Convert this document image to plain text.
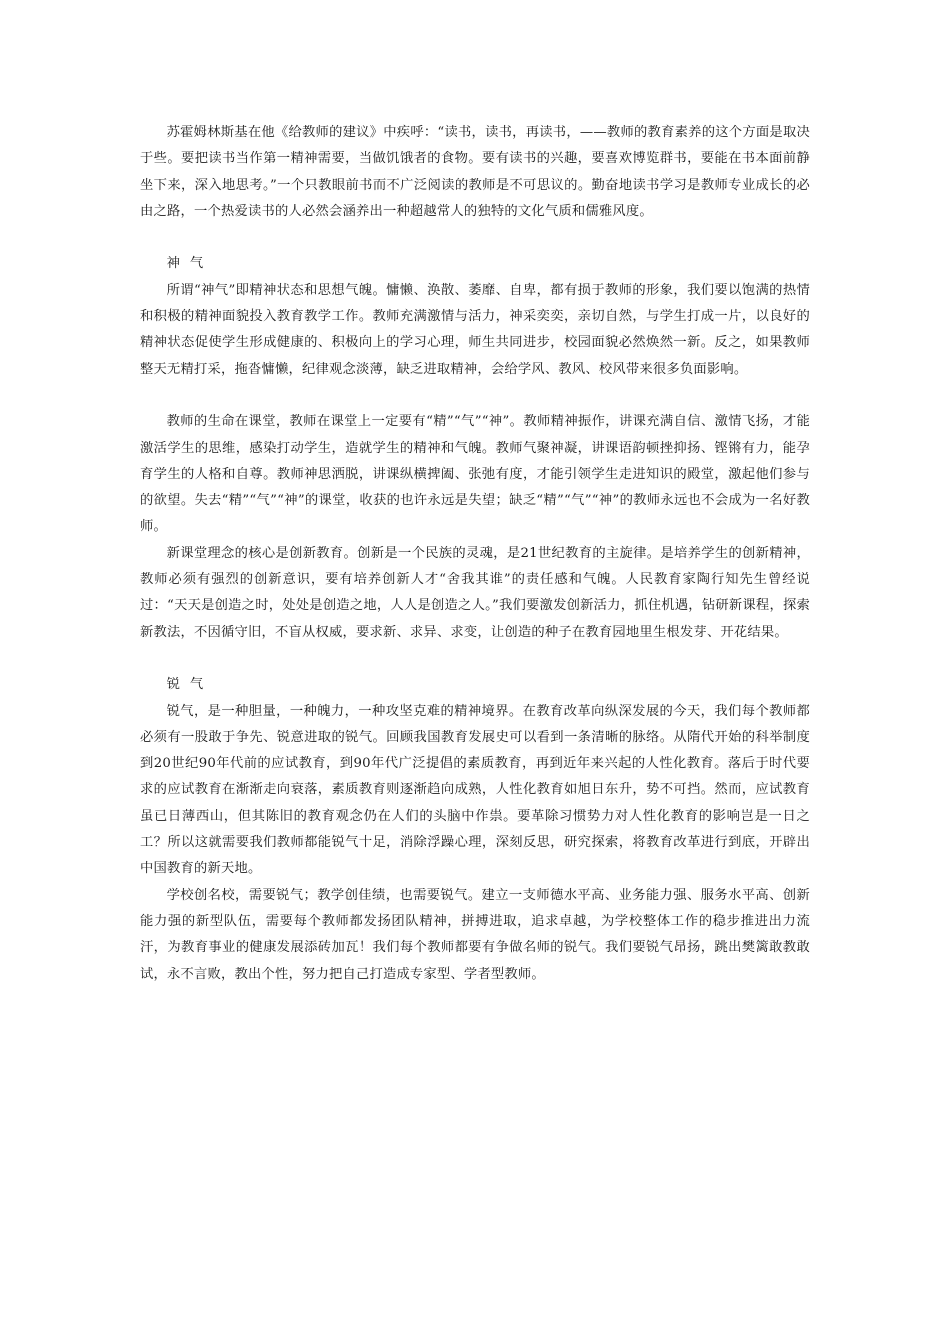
苏霍姆林斯基在他《给教师的建议》中疾呼：“读书，读书，再读书，——教师的教育素养的这个方面是取决于些。要把读书当作第一精神需要，当做饥饿者的食物。要有读书的兴趣，要喜欢博览群书，要能在书本面前静坐下来，深入地思考。”一个只教眼前书而不广泛阅读的教师是不可思议的。勤奋地读书学习是教师专业成长的必由之路，一个热爱读书的人必然会涵养出一种超越常人的独特的文化气质和儒雅风度。

神气

所谓“神气”即精神状态和思想气魄。慵懒、涣散、萎靡、自卑，都有损于教师的形象，我们要以饱满的热情和积极的精神面貌投入教育教学工作。教师充满激情与活力，神采奕奕，亲切自然，与学生打成一片，以良好的精神状态促使学生形成健康的、积极向上的学习心理，师生共同进步，校园面貌必然焕然一新。反之，如果教师整天无精打采，拖沓慵懒，纪律观念淡薄，缺乏进取精神，会给学风、教风、校风带来很多负面影响。

教师的生命在课堂，教师在课堂上一定要有“精”“气”“神”。教师精神振作，讲课充满自信、激情飞扬，才能激活学生的思维，感染打动学生，造就学生的精神和气魄。教师气聚神凝，讲课语韵顿挫抑扬、铿锵有力，能孕育学生的人格和自尊。教师神思洒脱，讲课纵横捭阖、张弛有度，才能引领学生走进知识的殿堂，激起他们参与的欲望。失去“精”“气”“神”的课堂，收获的也许永远是失望；缺乏“精”“气”“神”的教师永远也不会成为一名好教师。

新课堂理念的核心是创新教育。创新是一个民族的灵魂，是21世纪教育的主旋律。是培养学生的创新精神，教师必须有强烈的创新意识，要有培养创新人才“舍我其谁”的责任感和气魄。人民教育家陶行知先生曾经说过：“天天是创造之时，处处是创造之地，人人是创造之人。”我们要激发创新活力，抓住机遇，钻研新课程，探索新教法，不因循守旧，不盲从权威，要求新、求异、求变，让创造的种子在教育园地里生根发芽、开花结果。

锐气

锐气，是一种胆量，一种魄力，一种攻坚克难的精神境界。在教育改革向纵深发展的今天，我们每个教师都必须有一股敢于争先、锐意进取的锐气。回顾我国教育发展史可以看到一条清晰的脉络。从隋代开始的科举制度到20世纪90年代前的应试教育，到90年代广泛提倡的素质教育，再到近年来兴起的人性化教育。落后于时代要求的应试教育在渐渐走向衰落，素质教育则逐渐趋向成熟，人性化教育如旭日东升，势不可挡。然而，应试教育虽已日薄西山，但其陈旧的教育观念仍在人们的头脑中作祟。要革除习惯势力对人性化教育的影响岂是一日之工？所以这就需要我们教师都能锐气十足，消除浮躁心理，深刻反思，研究探索，将教育改革进行到底，开辟出中国教育的新天地。

学校创名校，需要锐气；教学创佳绩，也需要锐气。建立一支师德水平高、业务能力强、服务水平高、创新能力强的新型队伍，需要每个教师都发扬团队精神，拼搏进取，追求卓越，为学校整体工作的稳步推进出力流汗，为教育事业的健康发展添砖加瓦！我们每个教师都要有争做名师的锐气。我们要锐气昂扬，跳出樊篱敢教敢试，永不言败，教出个性，努力把自己打造成专家型、学者型教师。
